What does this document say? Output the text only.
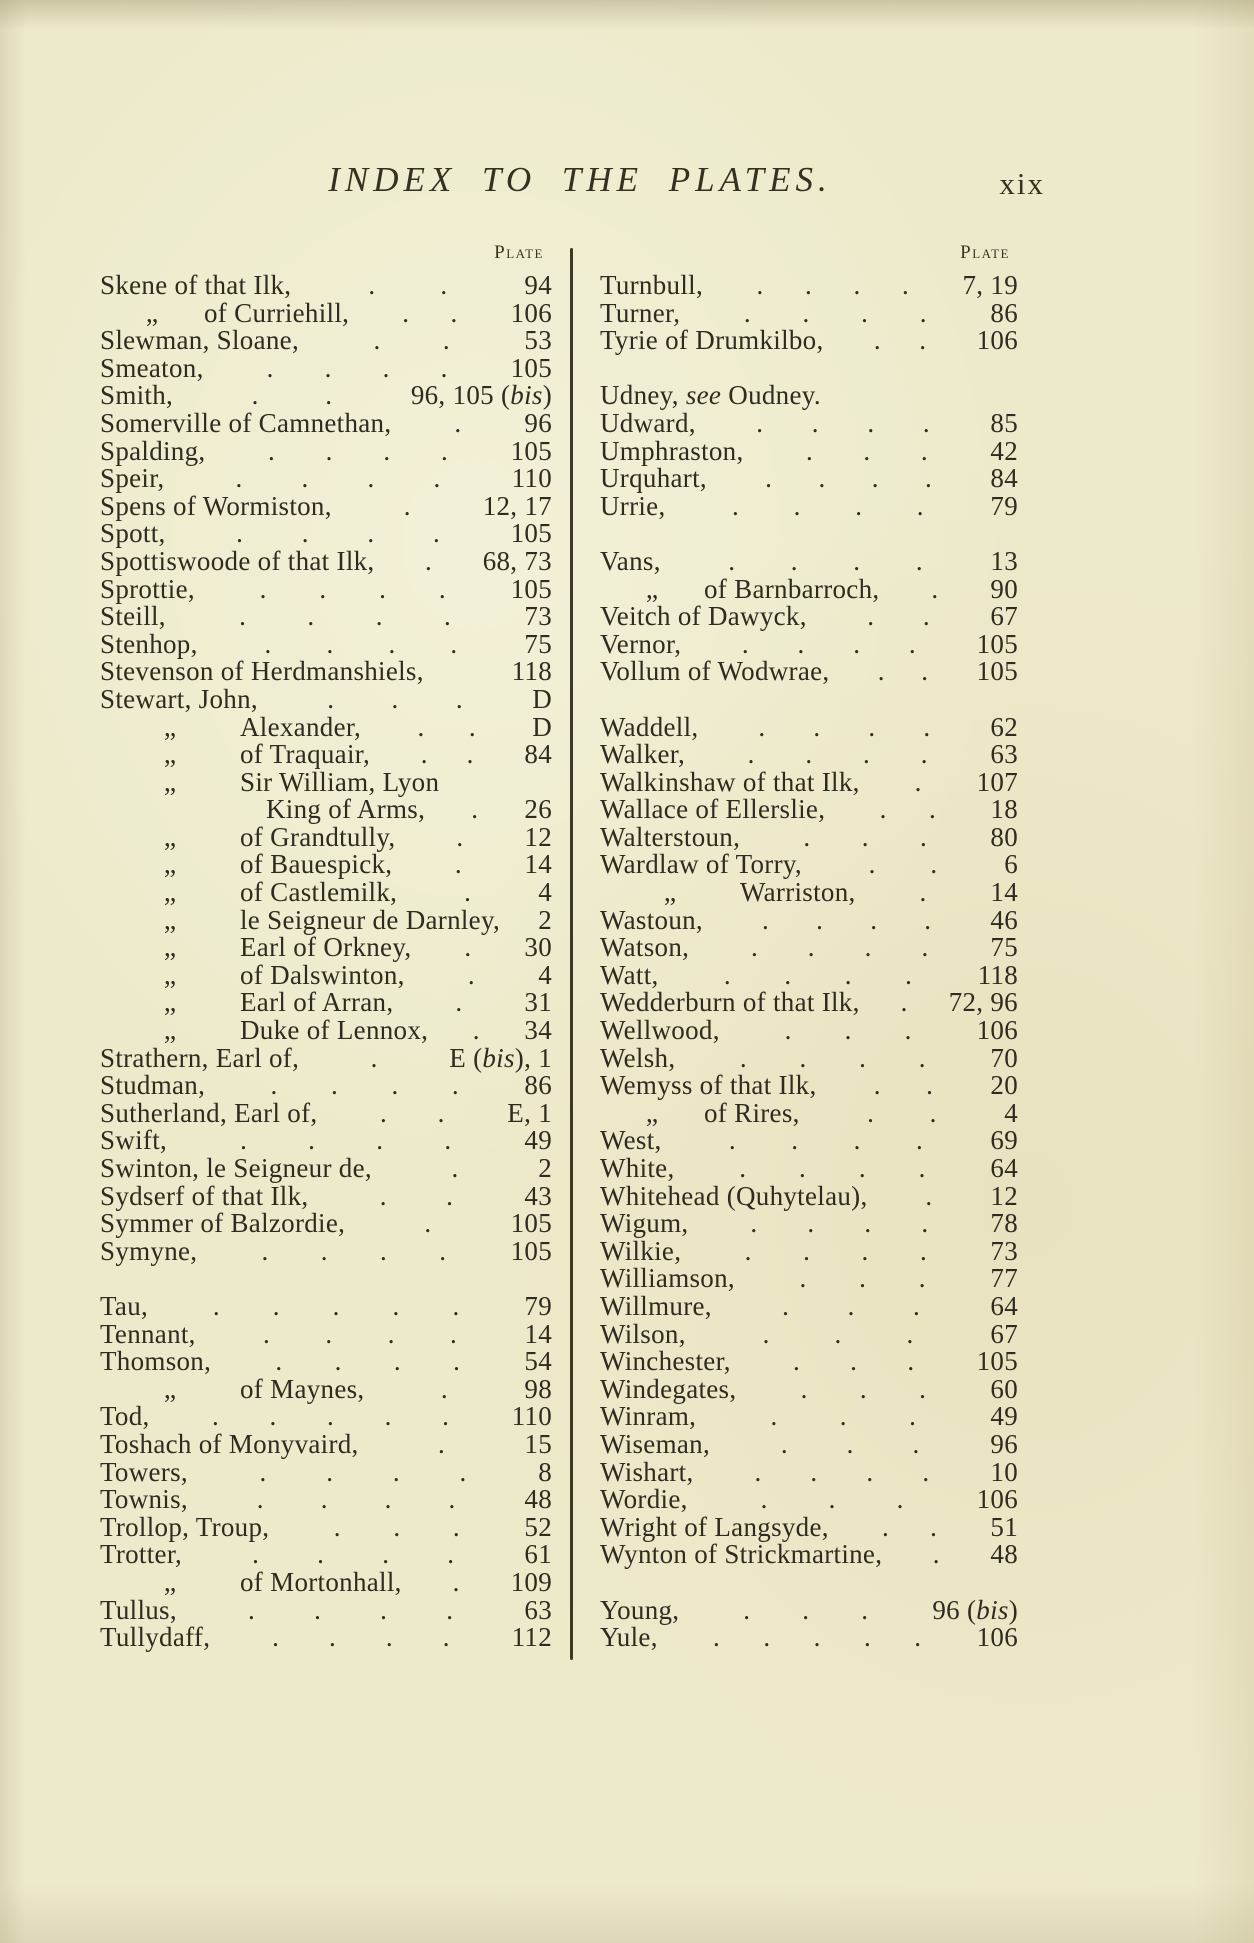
INDEX TO THE PLATES.	xix
Plate
Skene of that Ilk,	. .	94
,,	of Curriehill, . . 106
Slewman, Sloane,	. .	53
Smeaton, . . . . 105
Smith,	. .	96, 105 (bis)
Somerville of Camnethan, . 96
Spalding, . . . . 105
Speir,	. . . .	110
Spens of Wormiston,	.	12, 17
Spott,	. . . .	105
Spottiswoode of that Ilk, . 68, 73
Sprottie, . . . . 105
Steill,	. . . .	73
Stenhop, . . . . 75
Stevenson of Herdmanshiels,	118
Stewart, John,	. . .	D
,,	Alexander, . . D
,,	of Traquair, . . 84
,,	Sir William, Lyon
King of Arms, . 26
,,	of Grandtully, . 12
,,	of Bauespick, . 14
,,	of Castlemilk, . 4
,,	le Seigneur de Darnley, 2
,,	Earl of Orkney, . 30
,,	of Dalswinton, . 4
,,	Earl of Arran, . 31
,,	Duke of Lennox, . 34
Strathern, Earl of,	.	E (bis), 1
Studman, . . . . 86
Sutherland, Earl of, . . E, 1
Swift,	. . . .	49
Swinton, le Seigneur de,	.	2
Sydserf of that Ilk,	. .	43
Symmer of Balzordie,	.	105
Symyne, . . . . 105
Tau, . . . . . 79
Tennant, . . . . 14
Thomson, . . . . 54
,,	of Maynes,	.	98
Tod, . . . . . 110
Toshach of Monyvaird,	.	15
Towers,	. . . .	8
Townis,	. . . .	48
Trollop, Troup, . . . 52
Trotter,	. . . .	61
,,	of Mortonhall, . 109
Tullus,	. . . .	63
Tullydaff, . . . . 112
Plate
Turnbull, . . . . 7, 19
Turner, . . . . 86
Tyrie of Drumkilbo, . . 106
Udney, see Oudney.
Udward, . . . . 85
Umphraston, . . . 42
Urquhart, . . . . 84
Urrie, . . . . 79
Vans, . . . .	13
,,	of Barnbarroch, . 90
Veitch of Dawyck, . . 67
Vernor, . . . . 105
Vollum of Wodwrae, . . 105
Waddell, . . . . 62
Walker, . . . . 63
Walkinshaw of that Ilk, . 107
Wallace of Ellerslie, . . 18
Walterstoun, . . . 80
Wardlaw of Torry, . . 6
,,	Warriston, . 14
Wastoun, . . . . 46
Watson, . . . . 75
Watt, . . . . 118
Wedderburn of that Ilk, . 72, 96
Wellwood, . . . 106
Welsh, . . . . 70
Wemyss of that Ilk, . . 20
,,	of Rires, . . 4
West, . . . . 69
White, . . . . 64
Whitehead (Quhytelau), . 12
Wigum, . . . . 78
Wilkie, . . . . 73
Williamson, . . . 77
Willmure,	. . .	64
Wilson,	. . .	67
Winchester, . . . 105
Windegates, . . . 60
Winram,	. . .	49
Wiseman,	. . .	96
Wishart, . . . . 10
Wordie,	. . .	106
Wright of Langsyde, . . 51
Wynton of Strickmartine, . 48
Young, . . . 96 (bis)
Yule, . . . . . 106
